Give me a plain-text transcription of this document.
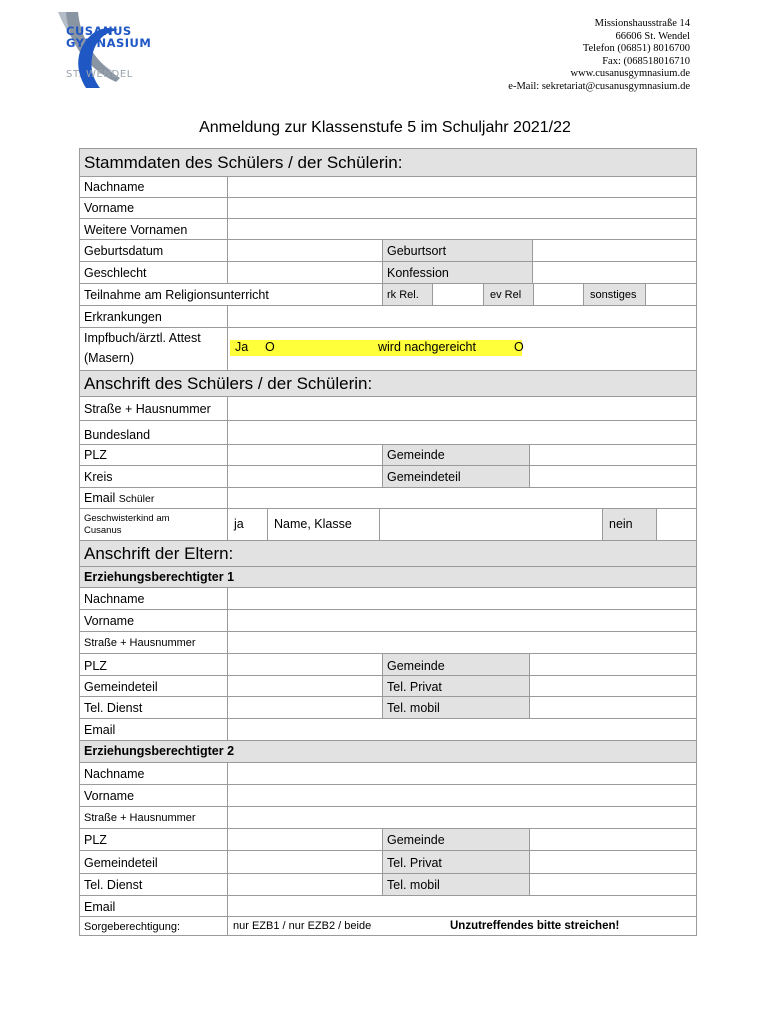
CUSANUS
GYMNASIUM
ST. WENDEL
Missionshausstraße 14
66606 St. Wendel
Telefon (06851) 8016700
Fax: (068518016710
www.cusanusgymnasium.de
e-Mail: sekretariat@cusanusgymnasium.de
Anmeldung zur Klassenstufe 5 im Schuljahr 2021/22
Stammdaten des Schülers / der Schülerin:
Nachname
Vorname
Weitere Vornamen
Geburtsdatum	Geburtsort
Geschlecht	Konfession
Teilnahme am Religionsunterricht	rk Rel.	ev Rel	sonstiges
Erkrankungen
Impfbuch/ärztl. Attest
(Masern)
Ja O	wird nachgereicht	O
Anschrift des Schülers / der Schülerin:
Straße + Hausnummer
Bundesland
PLZ	Gemeinde
Kreis	Gemeindeteil
Email Schüler
Geschwisterkind am
Cusanus	ja Name, Klasse	nein
Anschrift der Eltern:
Erziehungsberechtigter 1
Nachname
Vorname
Straße + Hausnummer
PLZ	Gemeinde
Gemeindeteil	Tel. Privat
Tel. Dienst	Tel. mobil
Email
Erziehungsberechtigter 2
Nachname
Vorname
Straße + Hausnummer
PLZ	Gemeinde
Gemeindeteil	Tel. Privat
Tel. Dienst	Tel. mobil
Email
Sorgeberechtigung:	nur EZB1 / nur EZB2 / beide	Unzutreffendes bitte streichen!
